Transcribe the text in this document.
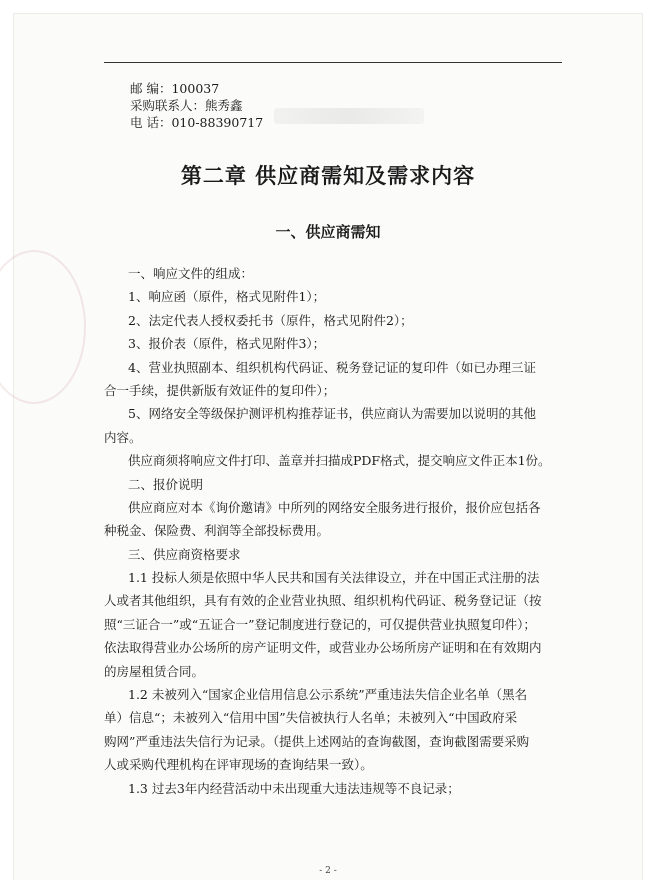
邮 编：100037
采购联系人：熊秀鑫
电 话：010-88390717
第二章 供应商需知及需求内容
一、供应商需知
一、响应文件的组成：
1、响应函（原件，格式见附件1）；
2、法定代表人授权委托书（原件，格式见附件2）；
3、报价表（原件，格式见附件3）；
4、营业执照副本、组织机构代码证、税务登记证的复印件（如已办理三证
合一手续，提供新版有效证件的复印件）；
5、网络安全等级保护测评机构推荐证书，供应商认为需要加以说明的其他
内容。
供应商须将响应文件打印、盖章并扫描成PDF格式，提交响应文件正本1份。
二、报价说明
供应商应对本《询价邀请》中所列的网络安全服务进行报价，报价应包括各
种税金、保险费、利润等全部投标费用。
三、供应商资格要求
1.1 投标人须是依照中华人民共和国有关法律设立，并在中国正式注册的法
人或者其他组织，具有有效的企业营业执照、组织机构代码证、税务登记证（按
照“三证合一”或“五证合一”登记制度进行登记的，可仅提供营业执照复印件）；
依法取得营业办公场所的房产证明文件，或营业办公场所房产证明和在有效期内
的房屋租赁合同。
1.2 未被列入“国家企业信用信息公示系统”严重违法失信企业名单（黑名
单）信息“；未被列入“信用中国”失信被执行人名单；未被列入“中国政府采
购网”严重违法失信行为记录。（提供上述网站的查询截图，查询截图需要采购
人或采购代理机构在评审现场的查询结果一致）。
1.3 过去3年内经营活动中未出现重大违法违规等不良记录；
- 2 -
